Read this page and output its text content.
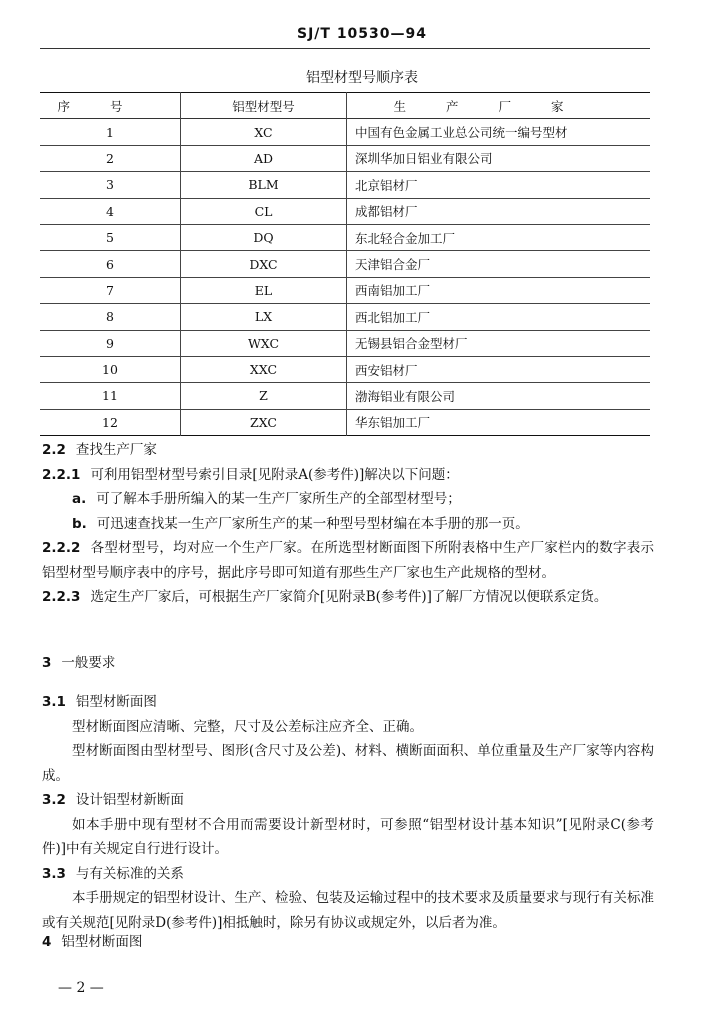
SJ/T 10530—94
铝型材型号顺序表
序号	铝型材型号	生产厂家
1	XC	中国有色金属工业总公司统一编号型材
2	AD	深圳华加日铝业有限公司
3	BLM	北京铝材厂
4	CL	成都铝材厂
5	DQ	东北轻合金加工厂
6	DXC	天津铝合金厂
7	EL	西南铝加工厂
8	LX	西北铝加工厂
9	WXC	无锡县铝合金型材厂
10	XXC	西安铝材厂
11	Z	渤海铝业有限公司
12	ZXC	华东铝加工厂

2.2 查找生产厂家

2.2.1 可利用铝型材型号索引目录[见附录A(参考件)]解决以下问题：

a. 可了解本手册所编入的某一生产厂家所生产的全部型材型号；

b. 可迅速查找某一生产厂家所生产的某一种型号型材编在本手册的那一页。

2.2.2 各型材型号，均对应一个生产厂家。在所选型材断面图下所附表格中生产厂家栏内的数字表示铝型材型号顺序表中的序号，据此序号即可知道有那些生产厂家也生产此规格的型材。

2.2.3 选定生产厂家后，可根据生产厂家简介[见附录B(参考件)]了解厂方情况以便联系定货。

3 一般要求

3.1 铝型材断面图

型材断面图应清晰、完整，尺寸及公差标注应齐全、正确。

型材断面图由型材型号、图形(含尺寸及公差)、材料、横断面面积、单位重量及生产厂家等内容构成。

3.2 设计铝型材新断面

如本手册中现有型材不合用而需要设计新型材时，可参照“铝型材设计基本知识”[见附录C(参考件)]中有关规定自行进行设计。

3.3 与有关标准的关系

本手册规定的铝型材设计、生产、检验、包装及运输过程中的技术要求及质量要求与现行有关标准或有关规范[见附录D(参考件)]相抵触时，除另有协议或规定外，以后者为准。

4 铝型材断面图

— 2 —
